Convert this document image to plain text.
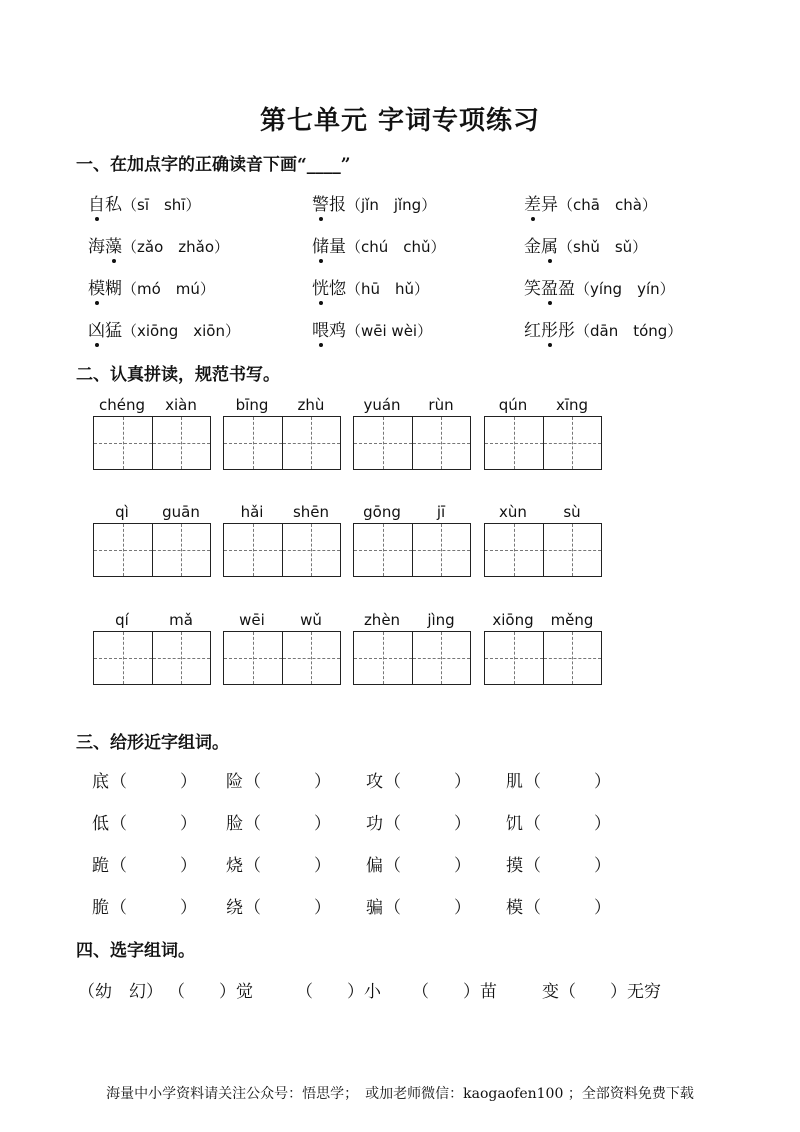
第七单元 字词专项练习
一、在加点字的正确读音下画“____”
自私（sī　shī）	警报（jǐn　jǐng）	差异（chā　chà）
海藻（zǎo　zhǎo）	储量（chú　chǔ）	金属（shǔ　sǔ）
模糊（mó　mú）	恍惚（hū　hǔ）	笑盈盈（yíng　yín）
凶猛（xiōng　xiōn）	喂鸡（wēi wèi）	红彤彤（dān　tóng）
二、认真拼读，规范书写。
chéng	xiàn	bīng	zhù	yuán	rùn	qún	xīng
qì	guān	hǎi	shēn	gōng	jī	xùn	sù
qí	mǎ	wēi	wǔ	zhèn	jìng	xiōng	měng
三、给形近字组词。
底 （	） 险 （	） 攻 （	） 肌 （	）
低 （	） 脸 （	） 功 （	） 饥 （	）
跪 （	） 烧 （	） 偏 （	） 摸 （	）
脆 （	） 绕 （	） 骗 （	） 模 （	）
四、选字组词。
（幼　幻） （　　）觉	（　　）小 （　　）苗	变（　　）无穷
海量中小学资料请关注公众号：悟思学；　或加老师微信：kaogaofen100 ；全部资料免费下载
